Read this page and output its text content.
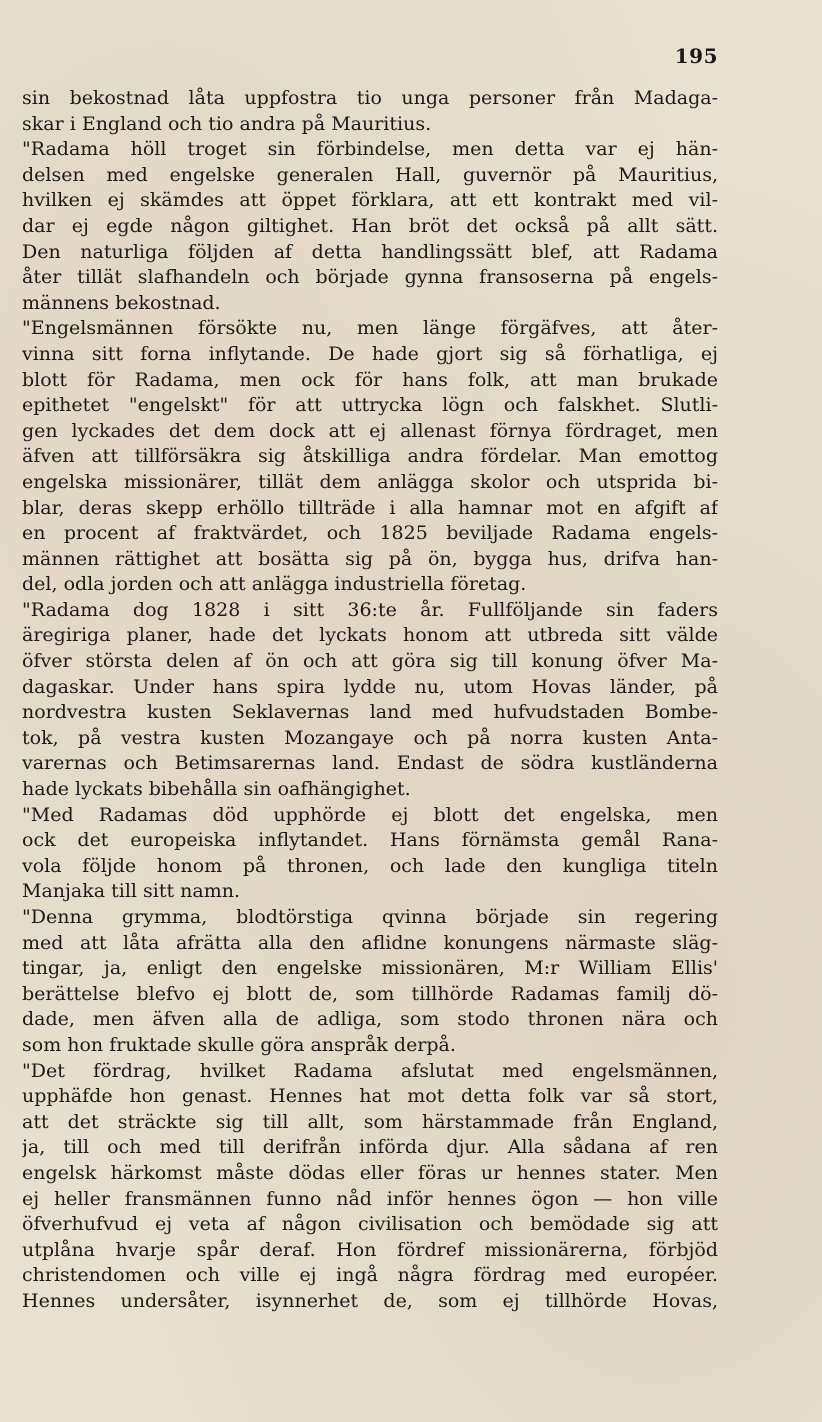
195
sin bekostnad låta uppfostra tio unga personer från Madaga-
skar i England och tio andra på Mauritius.
"Radama höll troget sin förbindelse, men detta var ej hän-
delsen med engelske generalen Hall, guvernör på Mauritius,
hvilken ej skämdes att öppet förklara, att ett kontrakt med vil-
dar ej egde någon giltighet. Han bröt det också på allt sätt.
Den naturliga följden af detta handlingssätt blef, att Radama
åter tillät slafhandeln och började gynna fransoserna på engels-
männens bekostnad.
"Engelsmännen försökte nu, men länge förgäfves, att åter-
vinna sitt forna inflytande. De hade gjort sig så förhatliga, ej
blott för Radama, men ock för hans folk, att man brukade
epithetet "engelskt" för att uttrycka lögn och falskhet. Slutli-
gen lyckades det dem dock att ej allenast förnya fördraget, men
äfven att tillförsäkra sig åtskilliga andra fördelar. Man emottog
engelska missionärer, tillät dem anlägga skolor och utsprida bi-
blar, deras skepp erhöllo tillträde i alla hamnar mot en afgift af
en procent af fraktvärdet, och 1825 beviljade Radama engels-
männen rättighet att bosätta sig på ön, bygga hus, drifva han-
del, odla jorden och att anlägga industriella företag.
"Radama dog 1828 i sitt 36:te år. Fullföljande sin faders
äregiriga planer, hade det lyckats honom att utbreda sitt välde
öfver största delen af ön och att göra sig till konung öfver Ma-
dagaskar. Under hans spira lydde nu, utom Hovas länder, på
nordvestra kusten Seklavernas land med hufvudstaden Bombe-
tok, på vestra kusten Mozangaye och på norra kusten Anta-
varernas och Betimsarernas land. Endast de södra kustländerna
hade lyckats bibehålla sin oafhängighet.
"Med Radamas död upphörde ej blott det engelska, men
ock det europeiska inflytandet. Hans förnämsta gemål Rana-
vola följde honom på thronen, och lade den kungliga titeln
Manjaka till sitt namn.
"Denna grymma, blodtörstiga qvinna började sin regering
med att låta afrätta alla den aflidne konungens närmaste släg-
tingar, ja, enligt den engelske missionären, M:r William Ellis'
berättelse blefvo ej blott de, som tillhörde Radamas familj dö-
dade, men äfven alla de adliga, som stodo thronen nära och
som hon fruktade skulle göra anspråk derpå.
"Det fördrag, hvilket Radama afslutat med engelsmännen,
upphäfde hon genast. Hennes hat mot detta folk var så stort,
att det sträckte sig till allt, som härstammade från England,
ja, till och med till derifrån införda djur. Alla sådana af ren
engelsk härkomst måste dödas eller föras ur hennes stater. Men
ej heller fransmännen funno nåd inför hennes ögon — hon ville
öfverhufvud ej veta af någon civilisation och bemödade sig att
utplåna hvarje spår deraf. Hon fördref missionärerna, förbjöd
christendomen och ville ej ingå några fördrag med européer.
Hennes undersåter, isynnerhet de, som ej tillhörde Hovas,
